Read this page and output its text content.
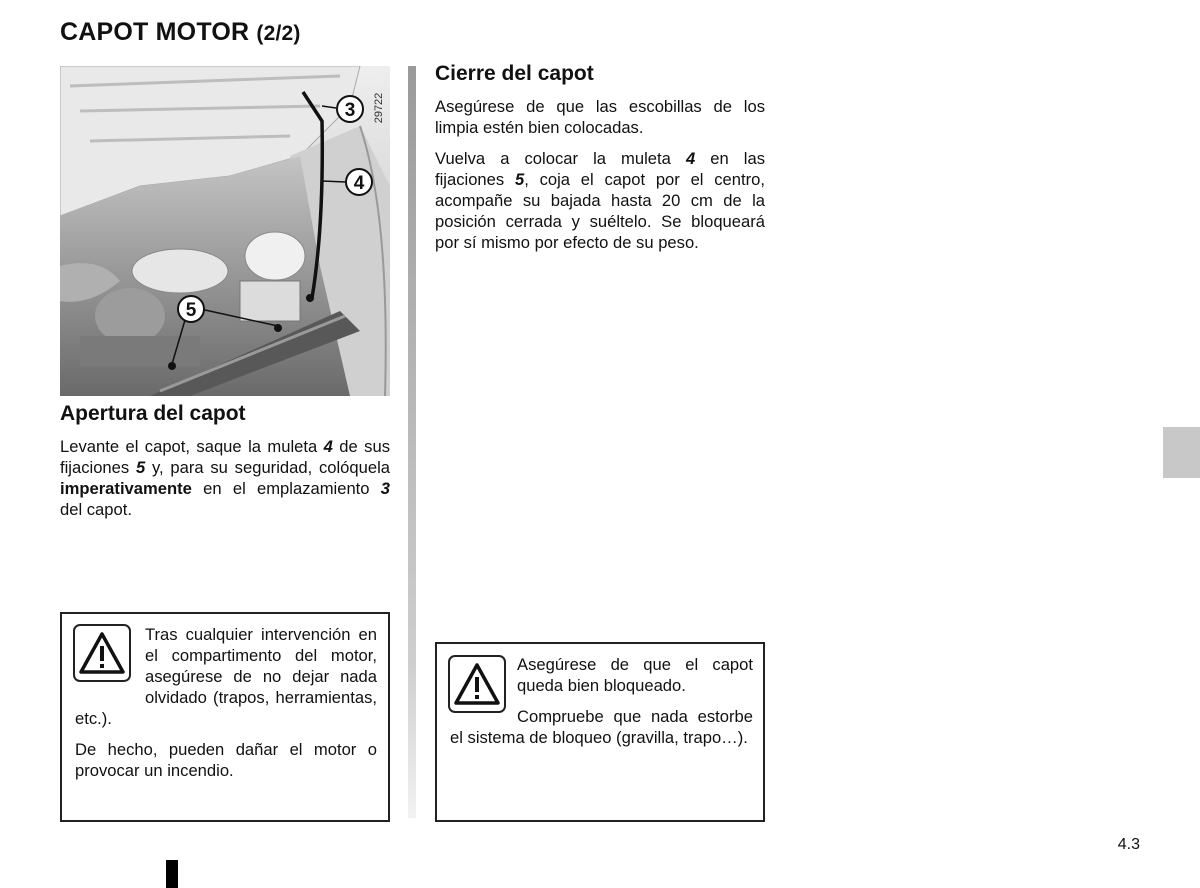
CAPOT MOTOR (2/2)
3
4
5
29722
Apertura del capot

Levante el capot, saque la muleta 4 de sus fijaciones 5 y, para su seguridad, colóquela imperativamente en el emplazamiento 3 del capot.

Tras cualquier intervención en el compartimento del motor, asegúrese de no dejar nada olvidado (trapos, herramientas, etc.).

De hecho, pueden dañar el motor o provocar un incendio.

Cierre del capot

Asegúrese de que las escobillas de los limpia estén bien colocadas.

Vuelva a colocar la muleta 4 en las fijaciones 5, coja el capot por el centro, acompañe su bajada hasta 20 cm de la posición cerrada y suéltelo. Se bloqueará por sí mismo por efecto de su peso.

Asegúrese de que el capot queda bien bloqueado.

Compruebe que nada estorbe el sistema de bloqueo (gravilla, trapo…).

4.3
